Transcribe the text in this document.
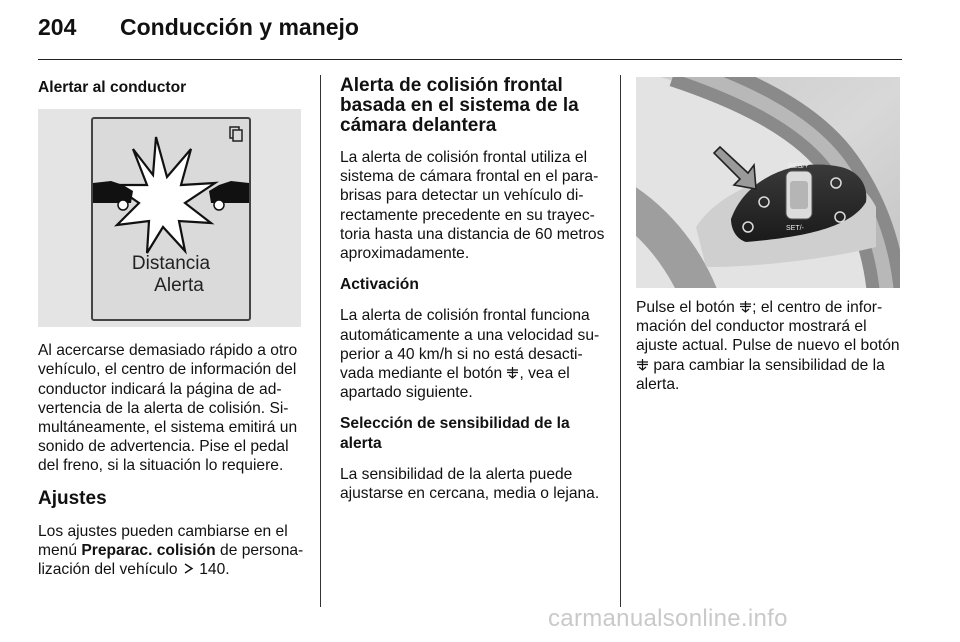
204	Conducción y manejo

Alertar al conductor

Distancia
Alerta

Al acercarse demasiado rápido a otro vehículo, el centro de información del conductor indicará la página de ad-vertencia de la alerta de colisión. Si-multáneamente, el sistema emitirá un sonido de advertencia. Pise el pedal del freno, si la situación lo requiere.

Ajustes

Los ajustes pueden cambiarse en el menú Preparac. colisión de persona-lización del vehículo  140.

Alerta de colisión frontal basada en el sistema de la cámara delantera

La alerta de colisión frontal utiliza el sistema de cámara frontal en el para-brisas para detectar un vehículo di-rectamente precedente en su trayec-toria hasta una distancia de 60 metros aproximadamente.

Activación

La alerta de colisión frontal funciona automáticamente a una velocidad su-perior a 40 km/h si no está desacti-vada mediante el botón , vea el apartado siguiente.

Selección de sensibilidad de la alerta

La sensibilidad de la alerta puede ajustarse en cercana, media o lejana.

RES/+
SET/-

Pulse el botón ; el centro de infor-mación del conductor mostrará el ajuste actual. Pulse de nuevo el botón  para cambiar la sensibilidad de la alerta.

carmanualsonline.info
